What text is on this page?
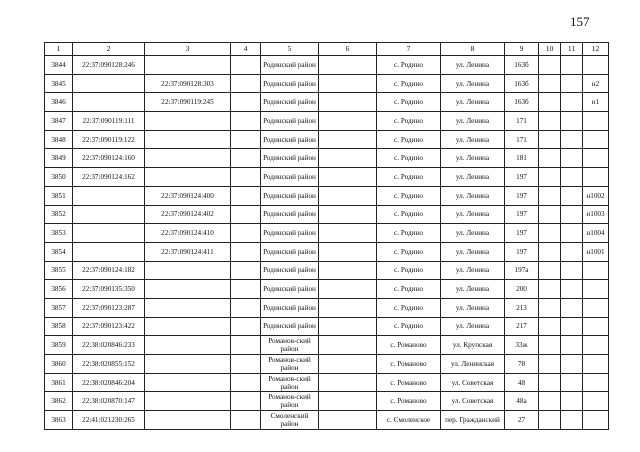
157
1	2	3	4	5	6	7	8	9	10	11	12
3844	22:37:090128:246			Родинский район		с. Родино	ул. Ленина	163б			
3845		22:37:090128:303		Родинский район		с. Родино	ул. Ленина	163б			н2
3846		22:37:090119:245		Родинский район		с. Родино	ул. Ленина	163б			н1
3847	22:37:090119:111			Родинский район		с. Родино	ул. Ленина	171			
3848	22:37:090119:122			Родинский район		с. Родино	ул. Ленина	171			
3849	22:37:090124:160			Родинский район		с. Родино	ул. Ленина	181			
3850	22:37:090124:162			Родинский район		с. Родино	ул. Ленина	197			
3851		22:37:090124:400		Родинский район		с. Родино	ул. Ленина	197			н1002
3852		22:37:090124:402		Родинский район		с. Родино	ул. Ленина	197			н1003
3853		22:37:090124:410		Родинский район		с. Родино	ул. Ленина	197			н1004
3854		22:37:090124:411		Родинский район		с. Родино	ул. Ленина	197			н1001
3855	22:37:090124:182			Родинский район		с. Родино	ул. Ленина	197а			
3856	22:37:090135:350			Родинский район		с. Родино	ул. Ленина	200			
3857	22:37:090123:287			Родинский район		с. Родино	ул. Ленина	213			
3858	22:37:090123:422			Родинский район		с. Родино	ул. Ленина	217			
3859	22:38:020846:233			Романов-ский район		с. Романово	ул. Крупская	33ж			
3860	22:38:020855:152			Романов-ский район		с. Романово	ул. Ленинская	78			
3861	22:38:020846:204			Романов-ский район		с. Романово	ул. Советская	48			
3862	22:38:020870:147			Романов-ский район		с. Романово	ул. Советская	48а			
3863	22:41:021230:265			Смоленский район		с. Смоленское	пер. Гражданский	27			
